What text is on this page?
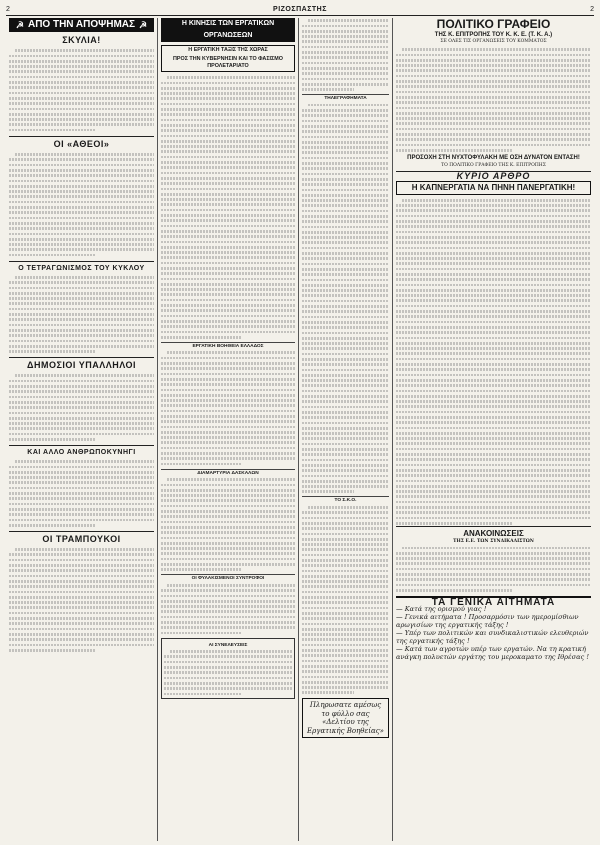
2	ΡΙΖΟΣΠΑΣΤΗΣ	2
☭ ΑΠΟ ΤΗΝ ΑΠΟΨΗΜΑΣ ☭
ΣΚΥΛΙΑ!
ΟΙ «ΑΘΕΟΙ»
Ο ΤΕΤΡΑΓΩΝΙΣΜΟΣ ΤΟΥ ΚΥΚΛΟΥ
ΔΗΜΟΣΙΟΙ ΥΠΑΛΛΗΛΟΙ
ΚΑΙ ΑΛΛΟ ΑΝΘΡΩΠΟΚΥΝΗΓΙ
ΟΙ ΤΡΑΜΠΟΥΚΟΙ
Η ΚΙΝΗΣΙΣ ΤΩΝ ΕΡΓΑΤΙΚΩΝ ΟΡΓΑΝΩΣΕΩΝ
Η ΕΡΓΑΤΙΚΗ ΤΑΞΙΣ ΤΗΣ ΧΩΡΑΣ
ΠΡΟΣ ΤΗΝ ΚΥΒΕΡΝΗΣΙΝ ΚΑΙ ΤΟ ΦΑΣΙΣΜΟ ΠΡΟΛΕΤΑΡΙΑΤΟ
ΕΡΓΑΤΙΚΗ ΒΟΗΘΕΙΑ ΕΛΛΑΔΟΣ
ΔΙΑΜΑΡΤΥΡΙΑ ΔΑΣΚΑΛΩΝ
ΟΙ ΦΥΛΑΚΙΣΜΕΝΟΙ ΣΥΝΤΡΟΦΟΙ
ΑΙ ΣΥΝΕΛΕΥΣΕΙΣ
ΤΗΛΕΓΡΑΦΗΜΑΤΑ
ΤΟ Σ.Κ.Ο.
Πληρωσατε αμέσως το φύλλο σας «Δελτίου της Εργατικής Βοηθείας»
ΠΟΛΙΤΙΚΟ ΓΡΑΦΕΙΟ
ΤΗΣ Κ. ΕΠΙΤΡΟΠΗΣ ΤΟΥ Κ. Κ. Ε. (Τ. Κ. Α.)
ΣΕ ΟΛΕΣ ΤΙΣ ΟΡΓΑΝΩΣΕΙΣ ΤΟΥ ΚΟΜΜΑΤΟΣ
ΠΡΟΣΟΧΗ ΣΤΗ ΝΥΧΤΟΦΥΛΑΚΗ ΜΕ ΟΣΗ ΔΥΝΑΤΟΝ ΕΝΤΑΣΗ!
ΤΟ ΠΟΛΙΤΙΚΟ ΓΡΑΦΕΙΟ ΤΗΣ Κ. ΕΠΙΤΡΟΠΗΣ
ΚΥΡΙΟ ΑΡΘΡΟ
Η ΚΑΠΝΕΡΓΑΤΙΑ ΝΑ ΠΗΝΗ ΠΑΝΕΡΓΑΤΙΚΗ!
ΑΝΑΚΟΙΝΩΣΕΙΣ
ΤΗΣ Ε.Ε. ΤΩΝ ΣΥΝΔΙΚΑΛΙΣΤΩΝ
ΤΑ ΓΕΝΙΚΑ ΑΙΤΗΜΑΤΑ
— Κατά της ορισμού γιας !
— Γενικά αιτήματα ! Προσαρμόσιν των ημερομίσθιων αρωγισίων της εργατικής τάξης !
— Υπέρ των πολιτικών και συνδικαλιστικών ελευθεριών της εργατικής τάξης !
— Κατά των αγροτών υπέρ των εργατών. Να τη κρατική ανάγκη πολυετών εργάτης του μεροκαματο της Ιθρέσας !
